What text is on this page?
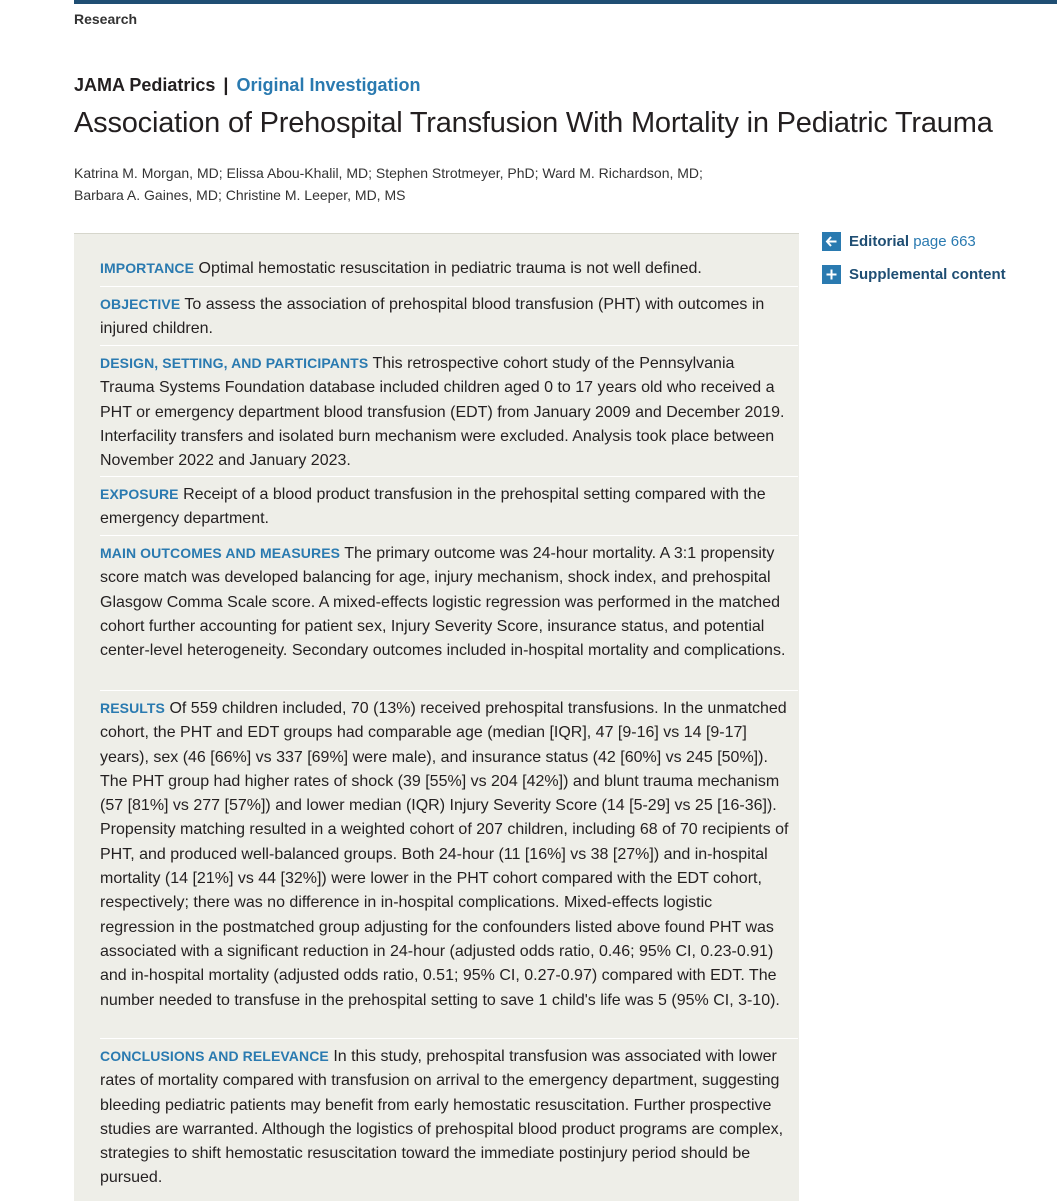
Research
JAMA Pediatrics | Original Investigation
Association of Prehospital Transfusion With Mortality in Pediatric Trauma
Katrina M. Morgan, MD; Elissa Abou-Khalil, MD; Stephen Strotmeyer, PhD; Ward M. Richardson, MD;
Barbara A. Gaines, MD; Christine M. Leeper, MD, MS
Editorial page 663
Supplemental content

IMPORTANCE Optimal hemostatic resuscitation in pediatric trauma is not well defined.

OBJECTIVE To assess the association of prehospital blood transfusion (PHT) with outcomes in injured children.

DESIGN, SETTING, AND PARTICIPANTS This retrospective cohort study of the Pennsylvania Trauma Systems Foundation database included children aged 0 to 17 years old who received a PHT or emergency department blood transfusion (EDT) from January 2009 and December 2019. Interfacility transfers and isolated burn mechanism were excluded. Analysis took place between November 2022 and January 2023.

EXPOSURE Receipt of a blood product transfusion in the prehospital setting compared with the emergency department.

MAIN OUTCOMES AND MEASURES The primary outcome was 24-hour mortality. A 3:1 propensity score match was developed balancing for age, injury mechanism, shock index, and prehospital Glasgow Comma Scale score. A mixed-effects logistic regression was performed in the matched cohort further accounting for patient sex, Injury Severity Score, insurance status, and potential center-level heterogeneity. Secondary outcomes included in-hospital mortality and complications.

RESULTS Of 559 children included, 70 (13%) received prehospital transfusions. In the unmatched cohort, the PHT and EDT groups had comparable age (median [IQR], 47 [9-16] vs 14 [9-17] years), sex (46 [66%] vs 337 [69%] were male), and insurance status (42 [60%] vs 245 [50%]). The PHT group had higher rates of shock (39 [55%] vs 204 [42%]) and blunt trauma mechanism (57 [81%] vs 277 [57%]) and lower median (IQR) Injury Severity Score (14 [5-29] vs 25 [16-36]). Propensity matching resulted in a weighted cohort of 207 children, including 68 of 70 recipients of PHT, and produced well-balanced groups. Both 24-hour (11 [16%] vs 38 [27%]) and in-hospital mortality (14 [21%] vs 44 [32%]) were lower in the PHT cohort compared with the EDT cohort, respectively; there was no difference in in-hospital complications. Mixed-effects logistic regression in the postmatched group adjusting for the confounders listed above found PHT was associated with a significant reduction in 24-hour (adjusted odds ratio, 0.46; 95% CI, 0.23-0.91) and in-hospital mortality (adjusted odds ratio, 0.51; 95% CI, 0.27-0.97) compared with EDT. The number needed to transfuse in the prehospital setting to save 1 child's life was 5 (95% CI, 3-10).

CONCLUSIONS AND RELEVANCE In this study, prehospital transfusion was associated with lower rates of mortality compared with transfusion on arrival to the emergency department, suggesting bleeding pediatric patients may benefit from early hemostatic resuscitation. Further prospective studies are warranted. Although the logistics of prehospital blood product programs are complex, strategies to shift hemostatic resuscitation toward the immediate postinjury period should be pursued.
